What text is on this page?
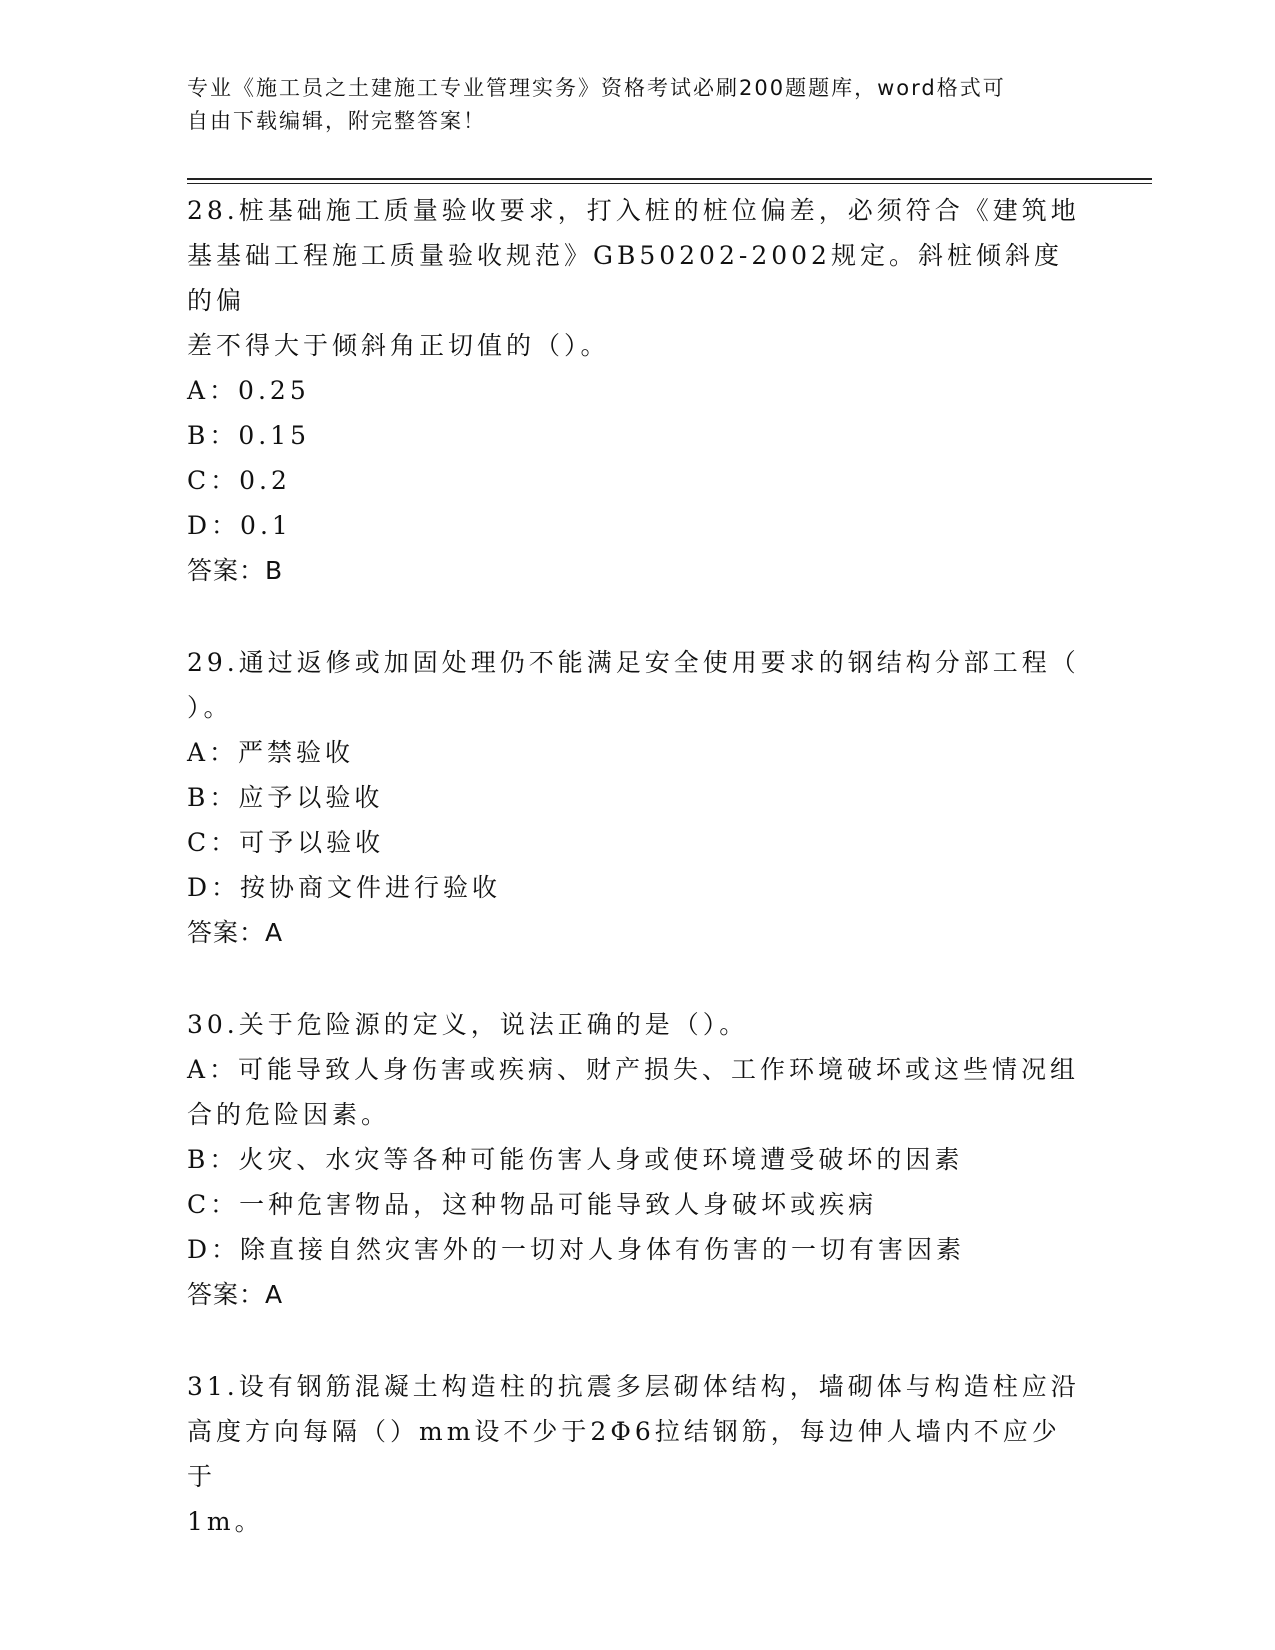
专业《施工员之土建施工专业管理实务》资格考试必刷200题题库，word格式可
自由下载编辑，附完整答案！
28.桩基础施工质量验收要求，打入桩的桩位偏差，必须符合《建筑地
基基础工程施工质量验收规范》GB50202-2002规定。斜桩倾斜度的偏
差不得大于倾斜角正切值的（）。
A：0.25
B：0.15
C：0.2
D：0.1
答案：B
29.通过返修或加固处理仍不能满足安全使用要求的钢结构分部工程（
）。
A：严禁验收
B：应予以验收
C：可予以验收
D：按协商文件进行验收
答案：A
30.关于危险源的定义，说法正确的是（）。
A：可能导致人身伤害或疾病、财产损失、工作环境破坏或这些情况组
合的危险因素。
B：火灾、水灾等各种可能伤害人身或使环境遭受破坏的因素
C：一种危害物品，这种物品可能导致人身破坏或疾病
D：除直接自然灾害外的一切对人身体有伤害的一切有害因素
答案：A
31.设有钢筋混凝土构造柱的抗震多层砌体结构，墙砌体与构造柱应沿
高度方向每隔（）mm设不少于2Φ6拉结钢筋，每边伸人墙内不应少于
1m。
